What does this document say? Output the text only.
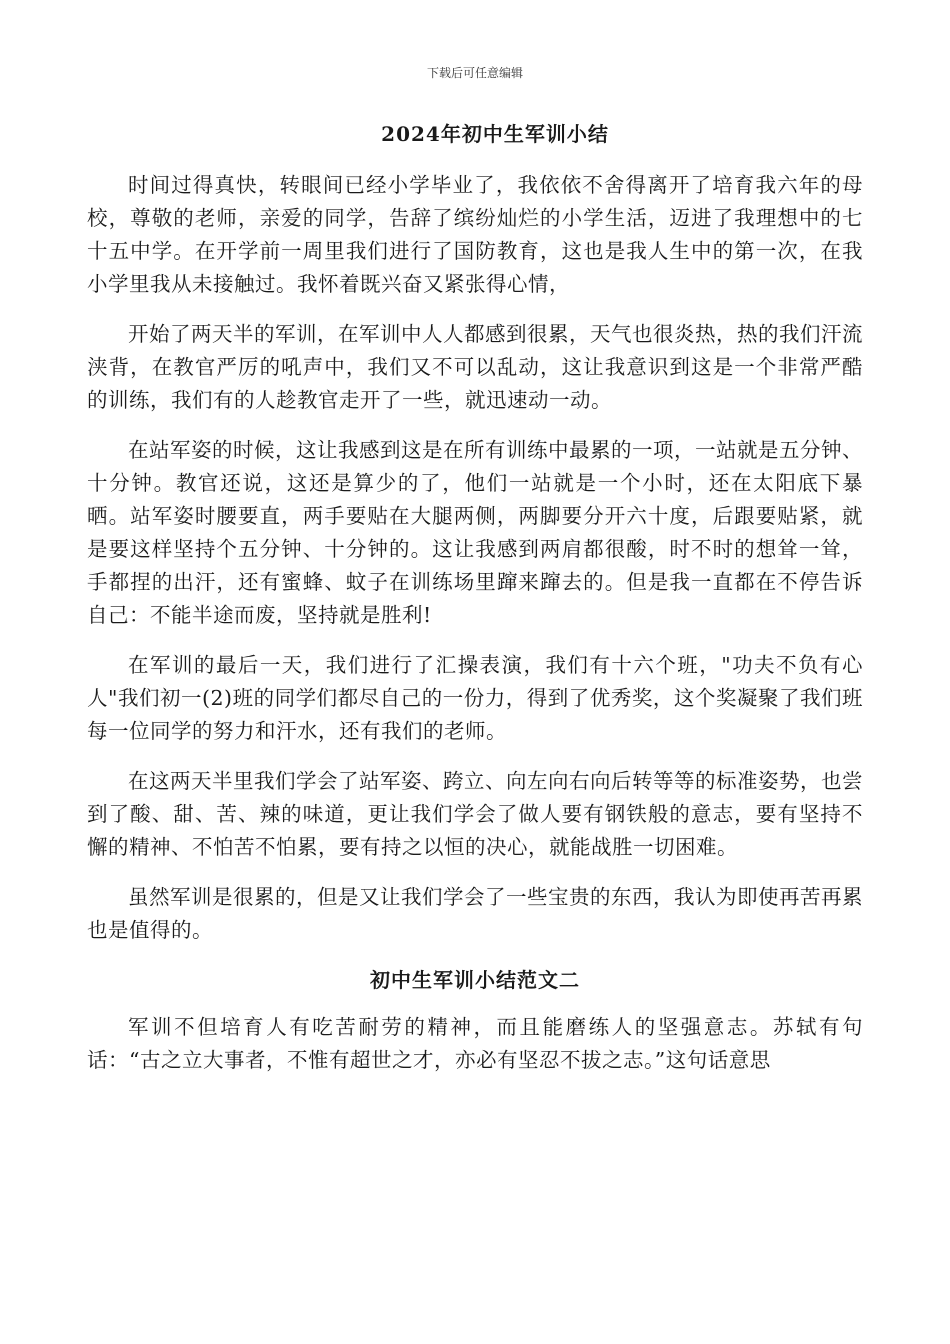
下载后可任意编辑
2024年初中生军训小结

时间过得真快，转眼间已经小学毕业了，我依依不舍得离开了培育我六年的母校，尊敬的老师，亲爱的同学，告辞了缤纷灿烂的小学生活，迈进了我理想中的七十五中学。在开学前一周里我们进行了国防教育，这也是我人生中的第一次，在我小学里我从未接触过。我怀着既兴奋又紧张得心情，

开始了两天半的军训，在军训中人人都感到很累，天气也很炎热，热的我们汗流浃背，在教官严厉的吼声中，我们又不可以乱动，这让我意识到这是一个非常严酷的训练，我们有的人趁教官走开了一些，就迅速动一动。

在站军姿的时候，这让我感到这是在所有训练中最累的一项，一站就是五分钟、十分钟。教官还说，这还是算少的了，他们一站就是一个小时，还在太阳底下暴晒。站军姿时腰要直，两手要贴在大腿两侧，两脚要分开六十度，后跟要贴紧，就是要这样坚持个五分钟、十分钟的。这让我感到两肩都很酸，时不时的想耸一耸，手都捏的出汗，还有蜜蜂、蚊子在训练场里蹿来蹿去的。但是我一直都在不停告诉自己：不能半途而废，坚持就是胜利!

在军训的最后一天，我们进行了汇操表演，我们有十六个班，"功夫不负有心人"我们初一(2)班的同学们都尽自己的一份力，得到了优秀奖，这个奖凝聚了我们班每一位同学的努力和汗水，还有我们的老师。

在这两天半里我们学会了站军姿、跨立、向左向右向后转等等的标准姿势，也尝到了酸、甜、苦、辣的味道，更让我们学会了做人要有钢铁般的意志，要有坚持不懈的精神、不怕苦不怕累，要有持之以恒的决心，就能战胜一切困难。

虽然军训是很累的，但是又让我们学会了一些宝贵的东西，我认为即使再苦再累也是值得的。

初中生军训小结范文二

军训不但培育人有吃苦耐劳的精神，而且能磨练人的坚强意志。苏轼有句话：“古之立大事者，不惟有超世之才，亦必有坚忍不拔之志。”这句话意思
